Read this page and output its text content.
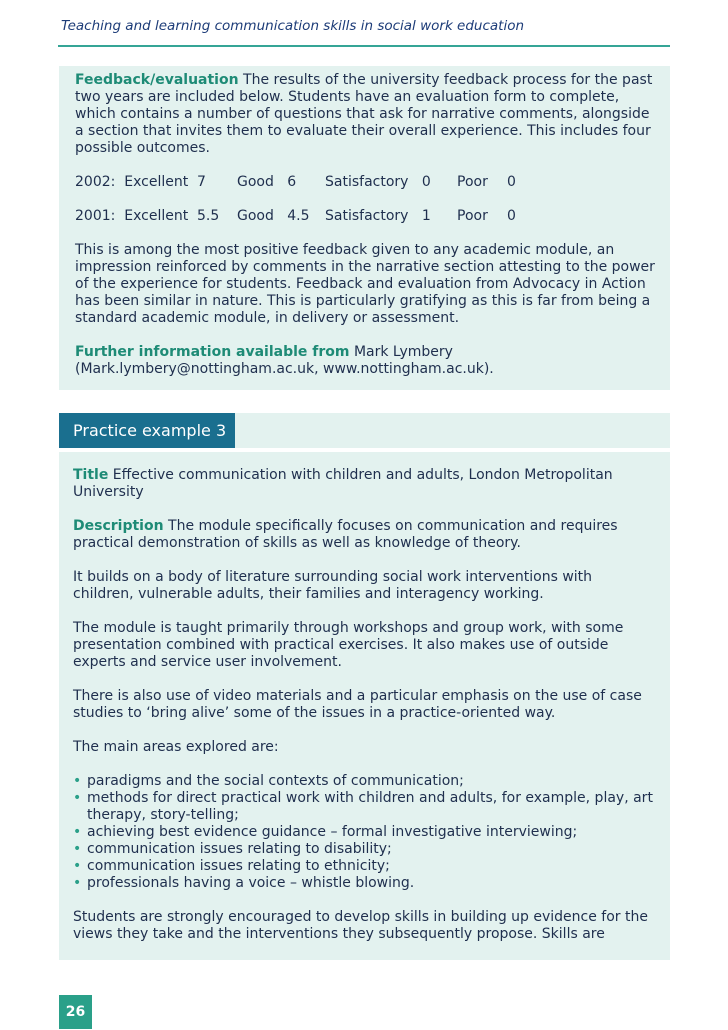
Teaching and learning communication skills in social work education

Feedback/evaluation The results of the university feedback process for the past two years are included below. Students have an evaluation form to complete, which contains a number of questions that ask for narrative comments, alongside a section that invites them to evaluate their overall experience. This includes four possible outcomes.

2002: Excellent 7	Good 6	Satisfactory 0	Poor	0
2001: Excellent 5.5	Good 4.5	Satisfactory 1	Poor	0

This is among the most positive feedback given to any academic module, an impression reinforced by comments in the narrative section attesting to the power of the experience for students. Feedback and evaluation from Advocacy in Action has been similar in nature. This is particularly gratifying as this is far from being a standard academic module, in delivery or assessment.

Further information available from Mark Lymbery (Mark.lymbery@nottingham.ac.uk, www.nottingham.ac.uk).

Title Effective communication with children and adults, London Metropolitan University

Description The module specifically focuses on communication and requires practical demonstration of skills as well as knowledge of theory.

It builds on a body of literature surrounding social work interventions with children, vulnerable adults, their families and interagency working.

The module is taught primarily through workshops and group work, with some presentation combined with practical exercises. It also makes use of outside experts and service user involvement.

There is also use of video materials and a particular emphasis on the use of case studies to ‘bring alive’ some of the issues in a practice-oriented way.

The main areas explored are:

• paradigms and the social contexts of communication;
• methods for direct practical work with children and adults, for example, play, art therapy, story-telling;
• achieving best evidence guidance – formal investigative interviewing;
• communication issues relating to disability;
• communication issues relating to ethnicity;
• professionals having a voice – whistle blowing.

Students are strongly encouraged to develop skills in building up evidence for the views they take and the interventions they subsequently propose. Skills are

Practice example 3
26
